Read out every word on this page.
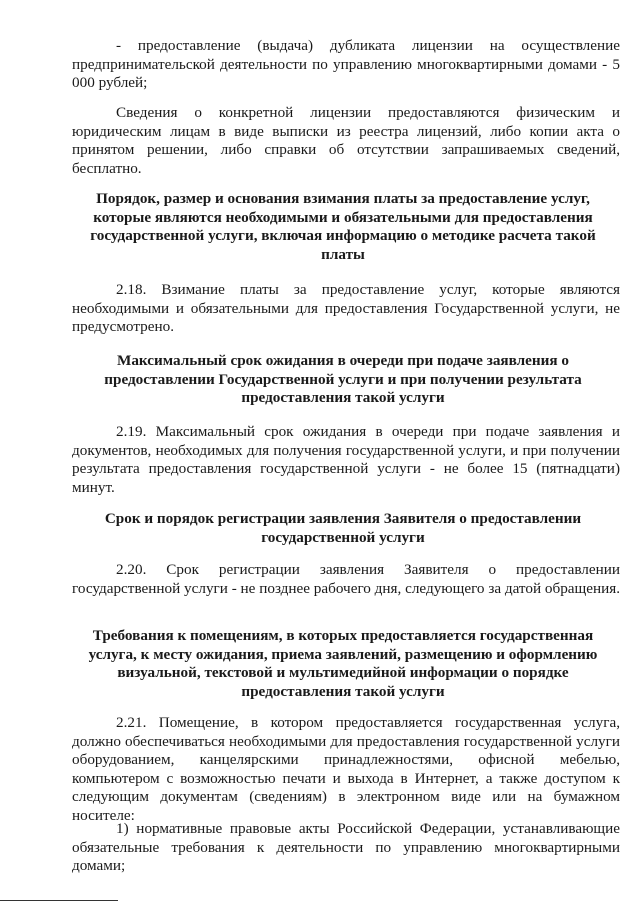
- предоставление (выдача) дубликата лицензии на осуществление предпринимательской деятельности по управлению многоквартирными домами - 5 000 рублей;

Сведения о конкретной лицензии предоставляются физическим и юридическим лицам в виде выписки из реестра лицензий, либо копии акта о принятом решении, либо справки об отсутствии запрашиваемых сведений, бесплатно.

Порядок, размер и основания взимания платы за предоставление услуг, которые являются необходимыми и обязательными для предоставления государственной услуги, включая информацию о методике расчета такой платы

2.18. Взимание платы за предоставление услуг, которые являются необходимыми и обязательными для предоставления Государственной услуги, не предусмотрено.

Максимальный срок ожидания в очереди при подаче заявления о предоставлении Государственной услуги и при получении результата предоставления такой услуги

2.19. Максимальный срок ожидания в очереди при подаче заявления и документов, необходимых для получения государственной услуги, и при получении результата предоставления государственной услуги - не более 15 (пятнадцати) минут.

Срок и порядок регистрации заявления Заявителя о предоставлении государственной услуги

2.20. Срок регистрации заявления Заявителя о предоставлении государственной услуги - не позднее рабочего дня, следующего за датой обращения.

Требования к помещениям, в которых предоставляется государственная услуга, к месту ожидания, приема заявлений, размещению и оформлению визуальной, текстовой и мультимедийной информации о порядке предоставления такой услуги

2.21. Помещение, в котором предоставляется государственная услуга, должно обеспечиваться необходимыми для предоставления государственной услуги оборудованием, канцелярскими принадлежностями, офисной мебелью, компьютером с возможностью печати и выхода в Интернет, а также доступом к следующим документам (сведениям) в электронном виде или на бумажном носителе:

1) нормативные правовые акты Российской Федерации, устанавливающие обязательные требования к деятельности по управлению многоквартирными домами;
